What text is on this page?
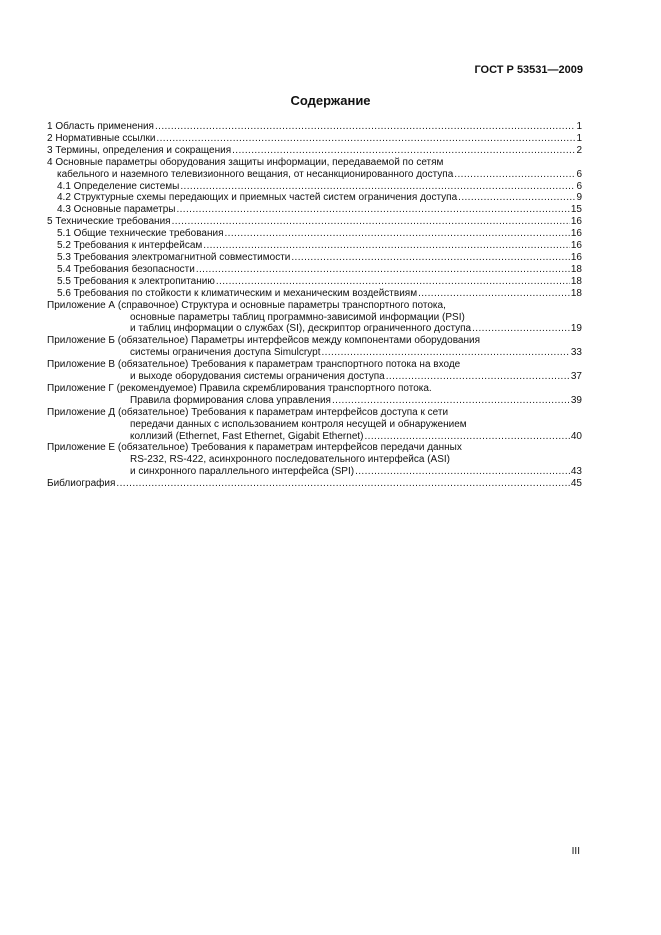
ГОСТ Р 53531—2009
Содержание
1 Область применения .....	1
2 Нормативные ссылки .....	1
3 Термины, определения и сокращения .....	2
4 Основные параметры оборудования защиты информации, передаваемой по сетям
кабельного и наземного телевизионного вещания, от несанкционированного доступа .....	6
4.1 Определение системы .....	6
4.2 Структурные схемы передающих и приемных частей систем ограничения доступа .....	9
4.3 Основные параметры .....	15
5 Технические требования .....	16
5.1 Общие технические требования .....	16
5.2 Требования к интерфейсам .....	16
5.3 Требования электромагнитной совместимости .....	16
5.4 Требования безопасности .....	18
5.5 Требования к электропитанию .....	18
5.6 Требования по стойкости к климатическим и механическим воздействиям .....	18
Приложение А (справочное) Структура и основные параметры транспортного потока,
основные параметры таблиц программно-зависимой информации (PSI)
и таблиц информации о службах (SI), дескриптор ограниченного доступа .....	19
Приложение Б (обязательное) Параметры интерфейсов между компонентами оборудования
системы ограничения доступа Simulcrypt .....	33
Приложение В (обязательное) Требования к параметрам транспортного потока на входе
и выходе оборудования системы ограничения доступа .....	37
Приложение Г (рекомендуемое) Правила скремблирования транспортного потока.
Правила формирования слова управления .....	39
Приложение Д (обязательное) Требования к параметрам интерфейсов доступа к сети
передачи данных с использованием контроля несущей и обнаружением
коллизий (Ethernet, Fast Ethernet, Gigabit Ethernet) .....	40
Приложение Е (обязательное) Требования к параметрам интерфейсов передачи данных
RS-232, RS-422, асинхронного последовательного интерфейса (ASI)
и синхронного параллельного интерфейса (SPI) .....	43
Библиография .....	45
III
